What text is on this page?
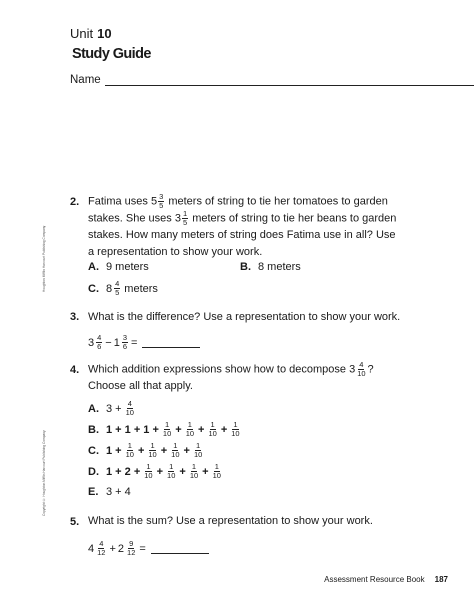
Unit 10
Study Guide
Name
Houghton Mifflin Harcourt Publishing Company
Copyright © Houghton Mifflin Harcourt Publishing Company
2. Fatima uses $5 \frac{3}{5}$ meters of string to tie her tomatoes to garden stakes. She uses $3 \frac{1}{5}$ meters of string to tie her beans to garden stakes. How many meters of string does Fatima use in all? Use a representation to show your work.
A. 9 meters	B. 8 meters
C. 8 4
5 meters
3. What is the difference? Use a representation to show your work.
3 4
$6 - 1 \frac{3}{6}$ =
4. Which addition expressions show how to decompose $3 \frac{4}{10}$ ? Choose all that apply.
A. $3 + \frac{4}{10}$
B. $1 + 1 + 1 + \frac{1}{10} + \frac{1}{10} + \frac{1}{10} + \frac{1}{10}$
C. $1 + \frac{1}{10} + \frac{1}{10} + \frac{1}{10} + \frac{1}{10}$
D. $1 + 2 + \frac{1}{10} + \frac{1}{10} + \frac{1}{10} + \frac{1}{10}$
E. 3 + 4
5. What is the sum? Use a representation to show your work.
4 4
$12 + 2 \frac{9}{12}$ =
Assessment Resource Book 187
